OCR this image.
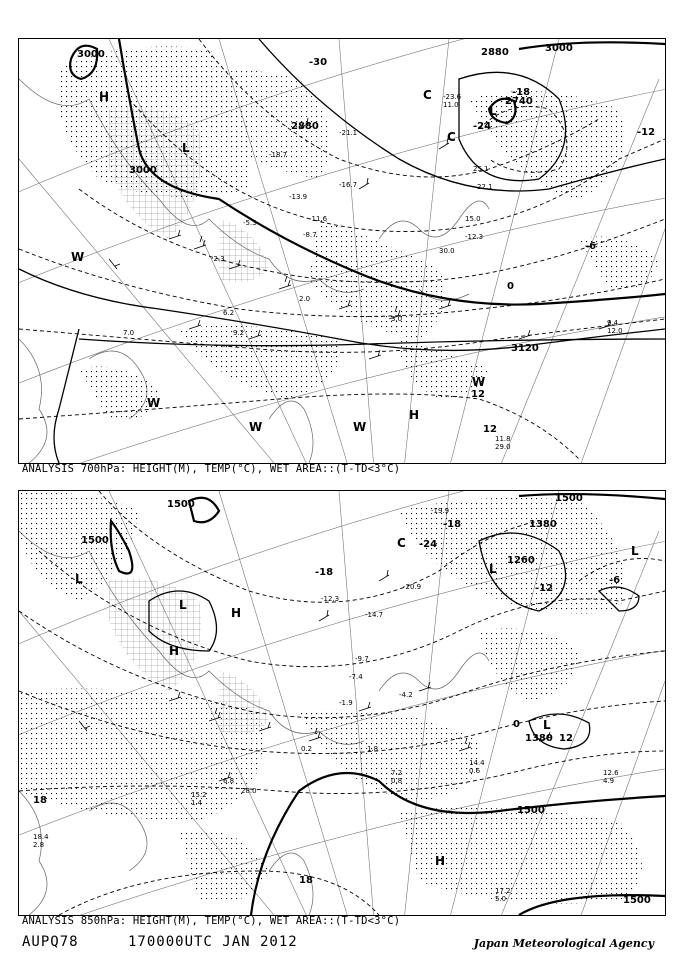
3000
3000
3000
2880
2880
2740
3120
-30
-24
-18
-12
-6
0
12
12
H
L
C
C
L
W
W
W	W
H
W
-23.6
11.0
-21.1
-18.7
-16.7
-13.9
-11.6
-8.7
-5.3
-2.3
6.2
2.0
9.2
3.0
-12.3
30.0
9.4
12.0
11.8
29.0
25.1
22.1
15.0
7.0
ANALYSIS 700hPa: HEIGHT(M), TEMP(°C), WET AREA::(T-TD<3°C)
1500
1500
1500
1380
1260
1380
1500
1500
-24
-18
-18
-12
-6
0
12
18
18
L
L
H
H
C
L
L
L
H
-19.9
-20.9
-14.7
-12.3
-9.7
-7.4
-4.2
-1.9
0.2	1.8
7.2
0.8
12.6
4.9
17.2
5.0
14.4
0.6
15.2
1.4
18.4
2.8
6.8
28.0
ANALYSIS 850hPa: HEIGHT(M), TEMP(°C), WET AREA::(T-TD<3°C)
AUPQ78	170000UTC JAN 2012	Japan Meteorological Agency
